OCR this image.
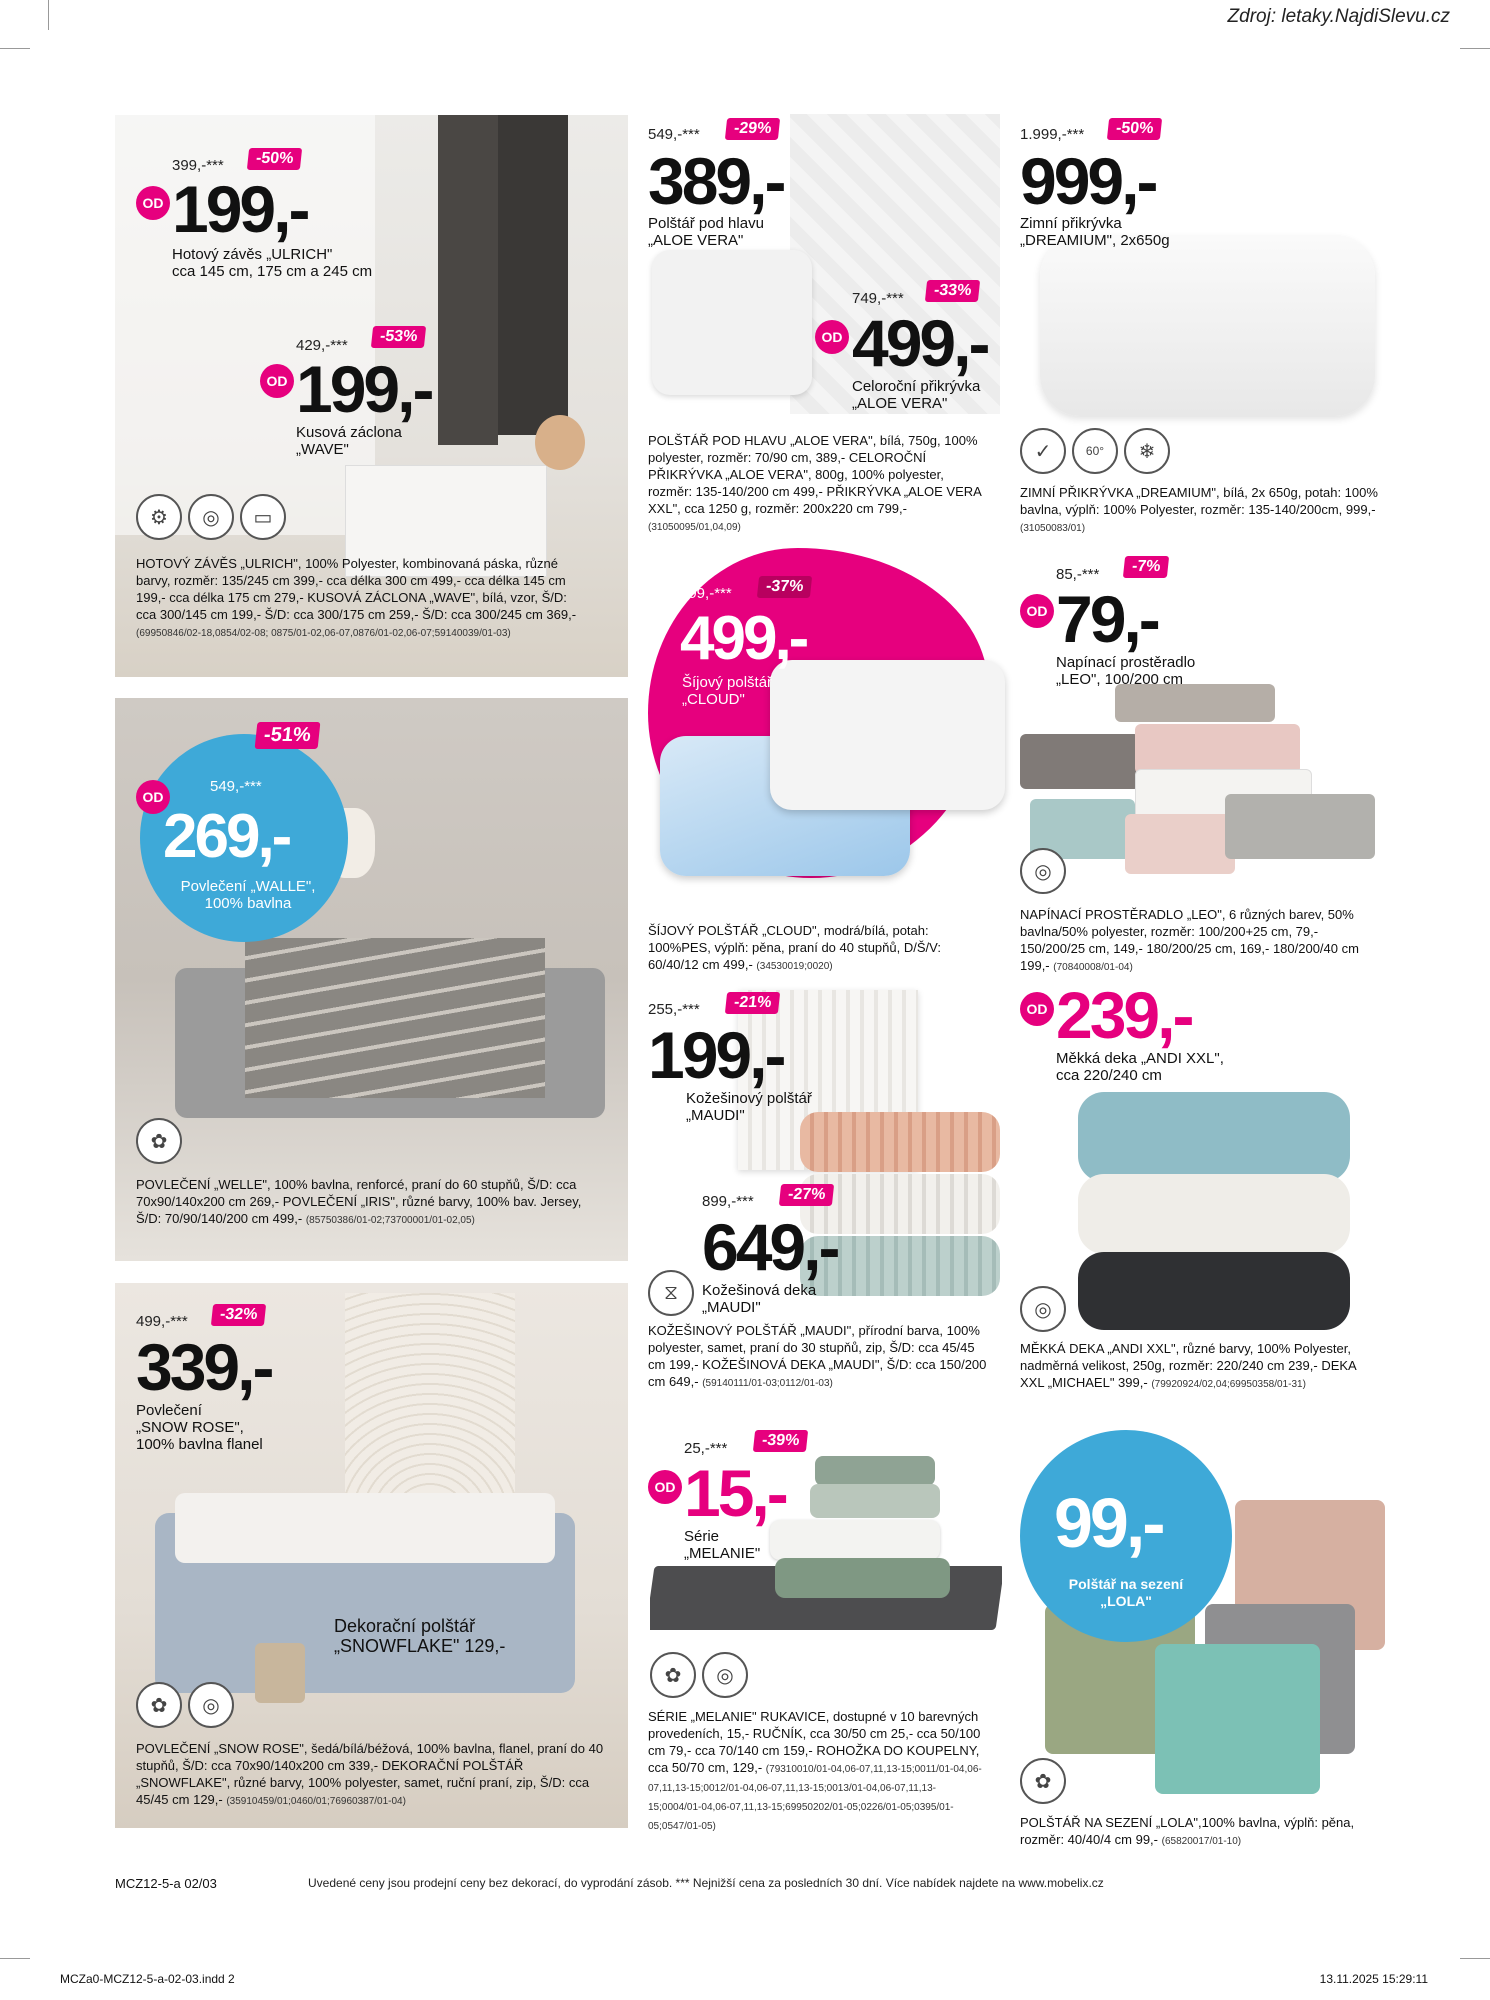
Zdroj: letaky.NajdiSlevu.cz
399,-***	-50%
OD 199,-
Hotový závěs „ULRICH"
cca 145 cm, 175 cm a 245 cm
429,-***
-53%
OD 199,-
Kusová záclona
„WAVE"
⚙	◎	▭
HOTOVÝ ZÁVĚS „ULRICH", 100% Polyester, kombinovaná páska, různé barvy, rozměr: 135/245 cm 399,- cca délka 300 cm 499,- cca délka 145 cm 199,- cca délka 175 cm 279,- KUSOVÁ ZÁCLONA „WAVE", bílá, vzor, Š/D: cca 300/145 cm 199,- Š/D: cca 300/175 cm 259,- Š/D: cca 300/245 cm 369,- (69950846/02-18,0854/02-08; 0875/01-02,06-07,0876/01-02,06-07;59140039/01-03)
549,-***	-29%
389,-
Polštář pod hlavu
„ALOE VERA"
749,-***	-33%
OD 499,-
Celoroční přikrývka
„ALOE VERA"
POLŠTÁŘ POD HLAVU „ALOE VERA", bílá, 750g, 100% polyester, rozměr: 70/90 cm, 389,- CELOROČNÍ PŘIKRÝVKA „ALOE VERA", 800g, 100% polyester, rozměr: 135-140/200 cm 499,- PŘIKRÝVKA „ALOE VERA XXL", cca 1250 g, rozměr: 200x220 cm 799,- (31050095/01,04,09)
1.999,-***	-50%
999,-
Zimní přikrývka
„DREAMIUM", 2x650g
✓	60°	❄
ZIMNÍ PŘIKRÝVKA „DREAMIUM", bílá, 2x 650g, potah: 100% bavlna, výplň: 100% Polyester, rozměr: 135-140/200cm, 999,- (31050083/01)
-51%
OD
549,-***
269,-
Povlečení „WALLE",
100% bavlna
✿
POVLEČENÍ „WELLE", 100% bavlna, renforcé, praní do 60 stupňů, Š/D: cca 70x90/140x200 cm 269,- POVLEČENÍ „IRIS", různé barvy, 100% bav. Jersey, Š/D: 70/90/140/200 cm 499,- (85750386/01-02;73700001/01-02,05)
799,-***	-37%
499,-
Šíjový polštář
„CLOUD"
ŠÍJOVÝ POLŠTÁŘ „CLOUD", modrá/bílá, potah: 100%PES, výplň: pěna, praní do 40 stupňů, D/Š/V: 60/40/12 cm 499,- (34530019;0020)
85,-***	-7%
OD 79,-
Napínací prostěradlo
„LEO", 100/200 cm
◎
NAPÍNACÍ PROSTĚRADLO „LEO", 6 různých barev, 50% bavlna/50% polyester, rozměr: 100/200+25 cm, 79,- 150/200/25 cm, 149,- 180/200/25 cm, 169,- 180/200/40 cm 199,- (70840008/01-04)
255,-***	-21%
199,-
Kožešinový polštář
„MAUDI"
899,-***	-27%
649,-
Kožešinová deka
„MAUDI"
⧖
KOŽEŠINOVÝ POLŠTÁŘ „MAUDI", přírodní barva, 100% polyester, samet, praní do 30 stupňů, zip, Š/D: cca 45/45 cm 199,- KOŽEŠINOVÁ DEKA „MAUDI", Š/D: cca 150/200 cm 649,- (59140111/01-03;0112/01-03)
OD 239,-
Měkká deka „ANDI XXL",
cca 220/240 cm
◎
MĚKKÁ DEKA „ANDI XXL", různé barvy, 100% Polyester, nadměrná velikost, 250g, rozměr: 220/240 cm 239,- DEKA XXL „MICHAEL" 399,- (79920924/02,04;69950358/01-31)
499,-***	-32%
339,-
Povlečení
„SNOW ROSE",
100% bavlna flanel
Dekorační polštář
„SNOWFLAKE" 129,-
✿	◎
POVLEČENÍ „SNOW ROSE", šedá/bílá/béžová, 100% bavlna, flanel, praní do 40 stupňů, Š/D: cca 70x90/140x200 cm 339,- DEKORAČNÍ POLŠTÁŘ „SNOWFLAKE", různé barvy, 100% polyester, samet, ruční praní, zip, Š/D: cca 45/45 cm 129,- (35910459/01;0460/01;76960387/01-04)
25,-***	-39%
OD 15,-
Série
„MELANIE"
✿	◎
SÉRIE „MELANIE" RUKAVICE, dostupné v 10 barevných provedeních, 15,- RUČNÍK, cca 30/50 cm 25,- cca 50/100 cm 79,- cca 70/140 cm 159,- ROHOŽKA DO KOUPELNY, cca 50/70 cm, 129,- (79310010/01-04,06-07,11,13-15;0011/01-04,06-07,11,13-15;0012/01-04,06-07,11,13-15;0013/01-04,06-07,11,13-15;0004/01-04,06-07,11,13-15;69950202/01-05;0226/01-05;0395/01-05;0547/01-05)
99,-
Polštář na sezení
„LOLA"
✿
POLŠTÁŘ NA SEZENÍ „LOLA",100% bavlna, výplň: pěna, rozměr: 40/40/4 cm 99,- (65820017/01-10)
MCZ12-5-a 02/03	Uvedené ceny jsou prodejní ceny bez dekorací, do vyprodání zásob. *** Nejnižší cena za posledních 30 dní. Více nabídek najdete na www.mobelix.cz
MCZa0-MCZ12-5-a-02-03.indd 2	13.11.2025 15:29:11
